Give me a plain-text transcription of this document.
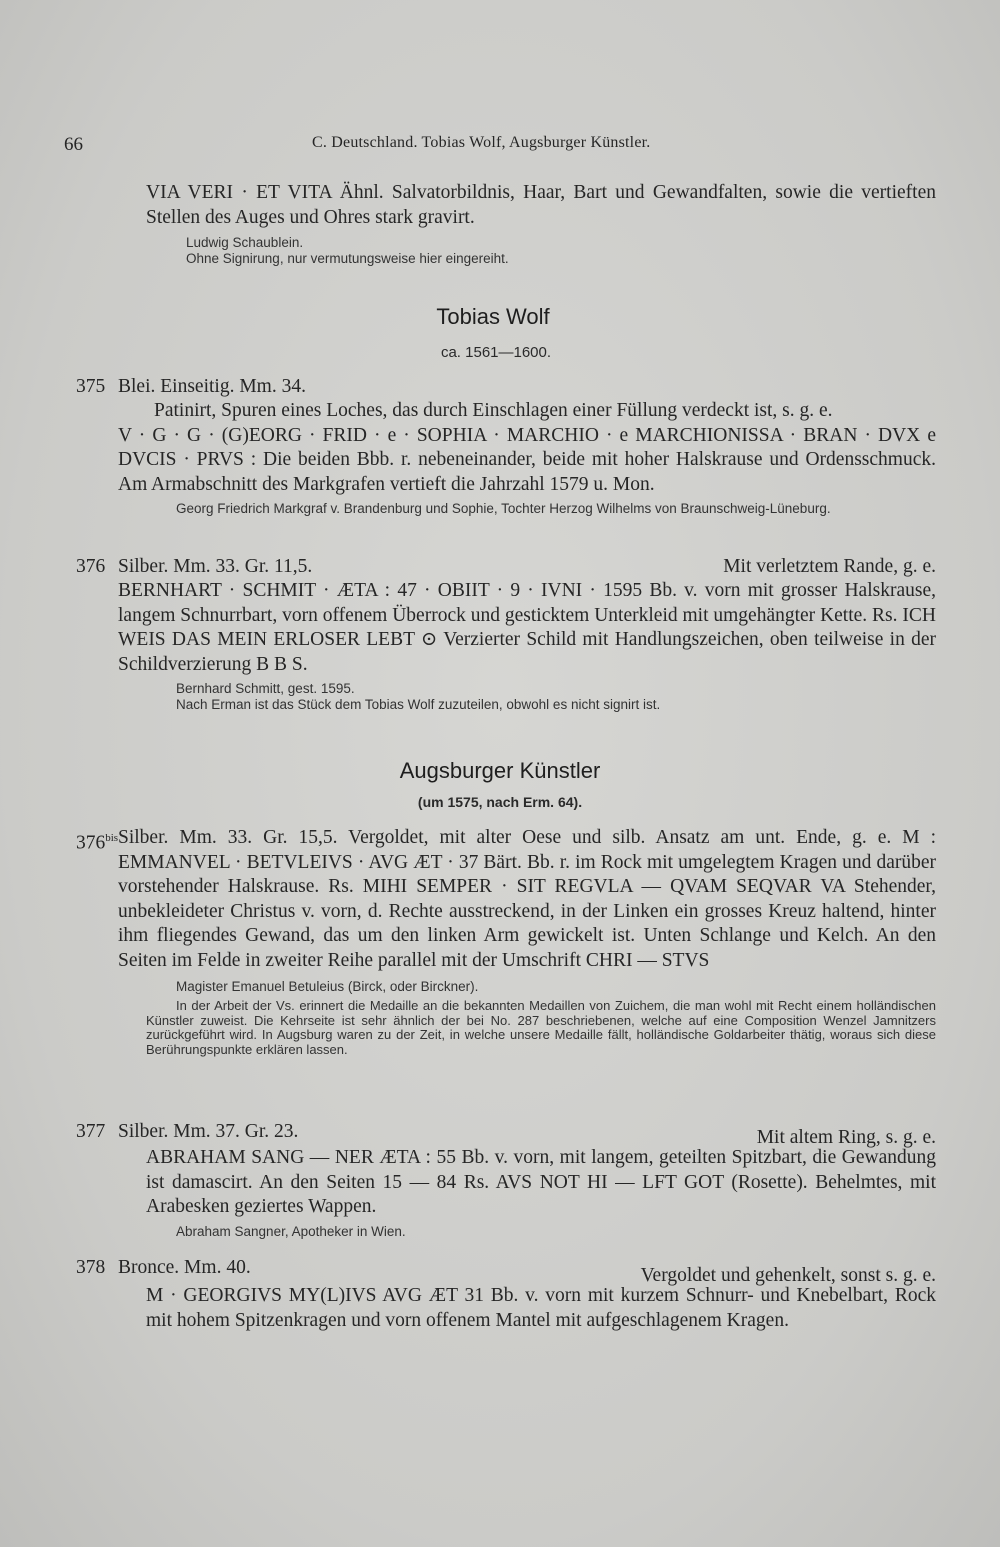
66	C. Deutschland. Tobias Wolf, Augsburger Künstler.

VIA VERI · ET VITA Ähnl. Salvatorbildnis, Haar, Bart und Gewandfalten, sowie die vertieften Stellen des Auges und Ohres stark gravirt.

Ludwig Schaublein.

Ohne Signirung, nur vermutungsweise hier eingereiht.

Tobias Wolf
ca. 1561—1600.
375 Blei. Einseitig. Mm. 34.

Patinirt, Spuren eines Loches, das durch Einschlagen einer Füllung verdeckt ist, s. g. e.

V · G · G · (G)EORG · FRID · e · SOPHIA · MARCHIO · e MARCHIONISSA · BRAN · DVX e DVCIS · PRVS : Die beiden Bbb. r. nebeneinander, beide mit hoher Halskrause und Ordensschmuck. Am Armabschnitt des Markgrafen vertieft die Jahrzahl 1579 u. Mon.

Georg Friedrich Markgraf v. Brandenburg und Sophie, Tochter Herzog Wilhelms von Braunschweig-Lüneburg.

376 Silber. Mm. 33. Gr. 11,5.	Mit verletztem Rande, g. e.

BERNHART · SCHMIT · ÆTA : 47 · OBIIT · 9 · IVNI · 1595 Bb. v. vorn mit grosser Halskrause, langem Schnurrbart, vorn offenem Überrock und gesticktem Unterkleid mit umgehängter Kette. Rs. ICH WEIS DAS MEIN ERLOSER LEBT ⊙ Verzierter Schild mit Handlungszeichen, oben teilweise in der Schildverzierung B B S.

Bernhard Schmitt, gest. 1595.

Nach Erman ist das Stück dem Tobias Wolf zuzuteilen, obwohl es nicht signirt ist.

Augsburger Künstler
(um 1575, nach Erm. 64).
$376^{bis}$ Silber. Mm. 33. Gr. 15,5. Vergoldet, mit alter Oese und silb. Ansatz am unt. Ende, g. e. M : EMMANVEL · BETVLEIVS · AVG ÆT · 37 Bärt. Bb. r. im Rock mit umgelegtem Kragen und darüber vorstehender Halskrause. Rs. MIHI SEMPER · SIT REGVLA — QVAM SEQVAR VA Stehender, unbekleideter Christus v. vorn, d. Rechte ausstreckend, in der Linken ein grosses Kreuz haltend, hinter ihm fliegendes Gewand, das um den linken Arm gewickelt ist. Unten Schlange und Kelch. An den Seiten im Felde in zweiter Reihe parallel mit der Umschrift CHRI — STVS

Magister Emanuel Betuleius (Birck, oder Birckner).

In der Arbeit der Vs. erinnert die Medaille an die bekannten Medaillen von Zuichem, die man wohl mit Recht einem holländischen Künstler zuweist. Die Kehrseite ist sehr ähnlich der bei No. 287 beschriebenen, welche auf eine Composition Wenzel Jamnitzers zurückgeführt wird. In Augsburg waren zu der Zeit, in welche unsere Medaille fällt, holländische Goldarbeiter thätig, woraus sich diese Berührungspunkte erklären lassen.

377 Silber. Mm. 37. Gr. 23.	Mit altem Ring, s. g. e.

ABRAHAM SANG — NER ÆTA : 55 Bb. v. vorn, mit langem, geteilten Spitzbart, die Gewandung ist damascirt. An den Seiten 15 — 84 Rs. AVS NOT HI — LFT GOT (Rosette). Behelmtes, mit Arabesken geziertes Wappen.

Abraham Sangner, Apotheker in Wien.

378 Bronce. Mm. 40.	Vergoldet und gehenkelt, sonst s. g. e.

M · GEORGIVS MY(L)IVS AVG ÆT 31 Bb. v. vorn mit kurzem Schnurr- und Knebelbart, Rock mit hohem Spitzenkragen und vorn offenem Mantel mit aufgeschlagenem Kragen.
